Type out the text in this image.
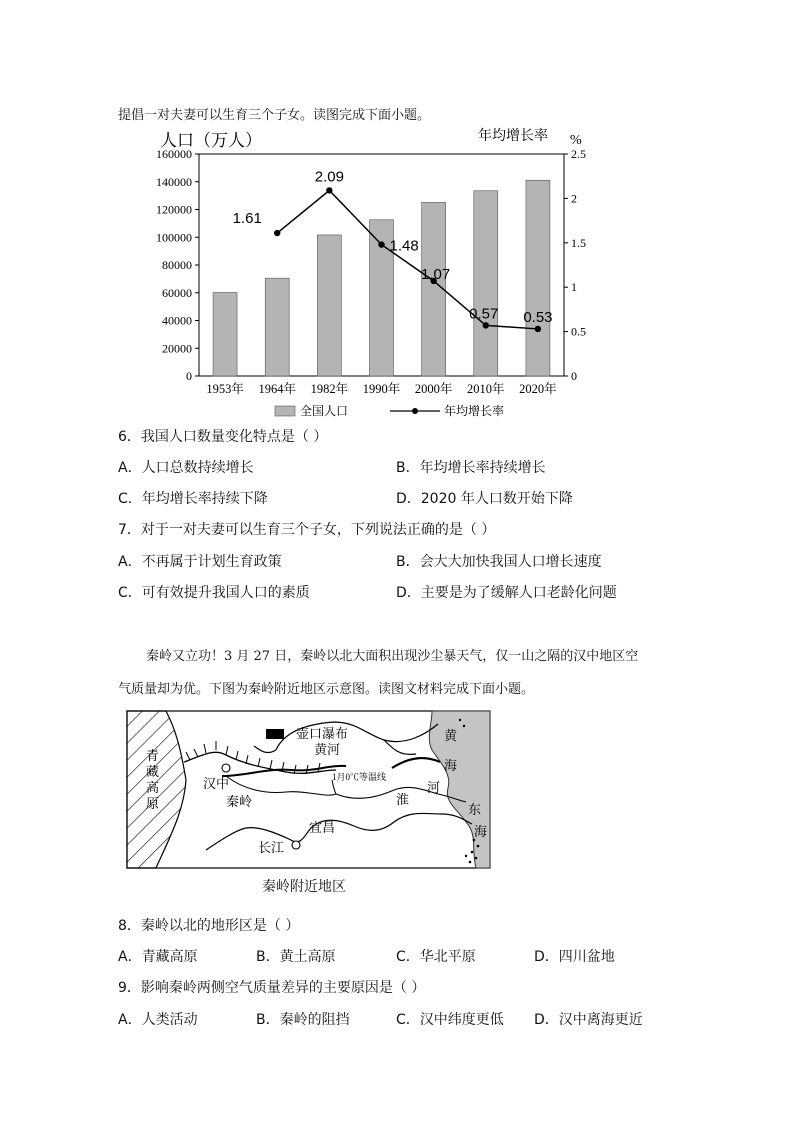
提倡一对夫妻可以生育三个子女。读图完成下面小题。
人口（万人）	年均增长率 %
0
20000
40000
60000
80000
100000
120000
140000
160000
0
0.5
1
1.5
2
2.5
1953年 1964年 1982年 1990年 2000年 2010年 2020年
1.61
2.09
1.48
1.07
0.57 0.53
全国人口	年均增长率
6．我国人口数量变化特点是（ ）
A．人口总数持续增长	B．年均增长率持续增长
C．年均增长率持续下降	D．2020 年人口数开始下降
7．对于一对夫妻可以生育三个子女，下列说法正确的是（ ）
A．不再属于计划生育政策	B．会大大加快我国人口增长速度
C．可有效提升我国人口的素质	D．主要是为了缓解人口老龄化问题
秦岭又立功！3 月 27 日，秦岭以北大面积出现沙尘暴天气，仅一山之隔的汉中地区空
气质量却为优。下图为秦岭附近地区示意图。读图文材料完成下面小题。
青
藏
高
原
壶口瀑布
黄河
1月0℃等温线
汉中
秦岭	淮
河
黄
海
东
海
宜昌
长江
秦岭附近地区
8．秦岭以北的地形区是（ ）
A．青藏高原	B．黄土高原	C．华北平原	D．四川盆地
9．影响秦岭两侧空气质量差异的主要原因是（ ）
A．人类活动	B．秦岭的阻挡	C．汉中纬度更低 D．汉中离海更近
